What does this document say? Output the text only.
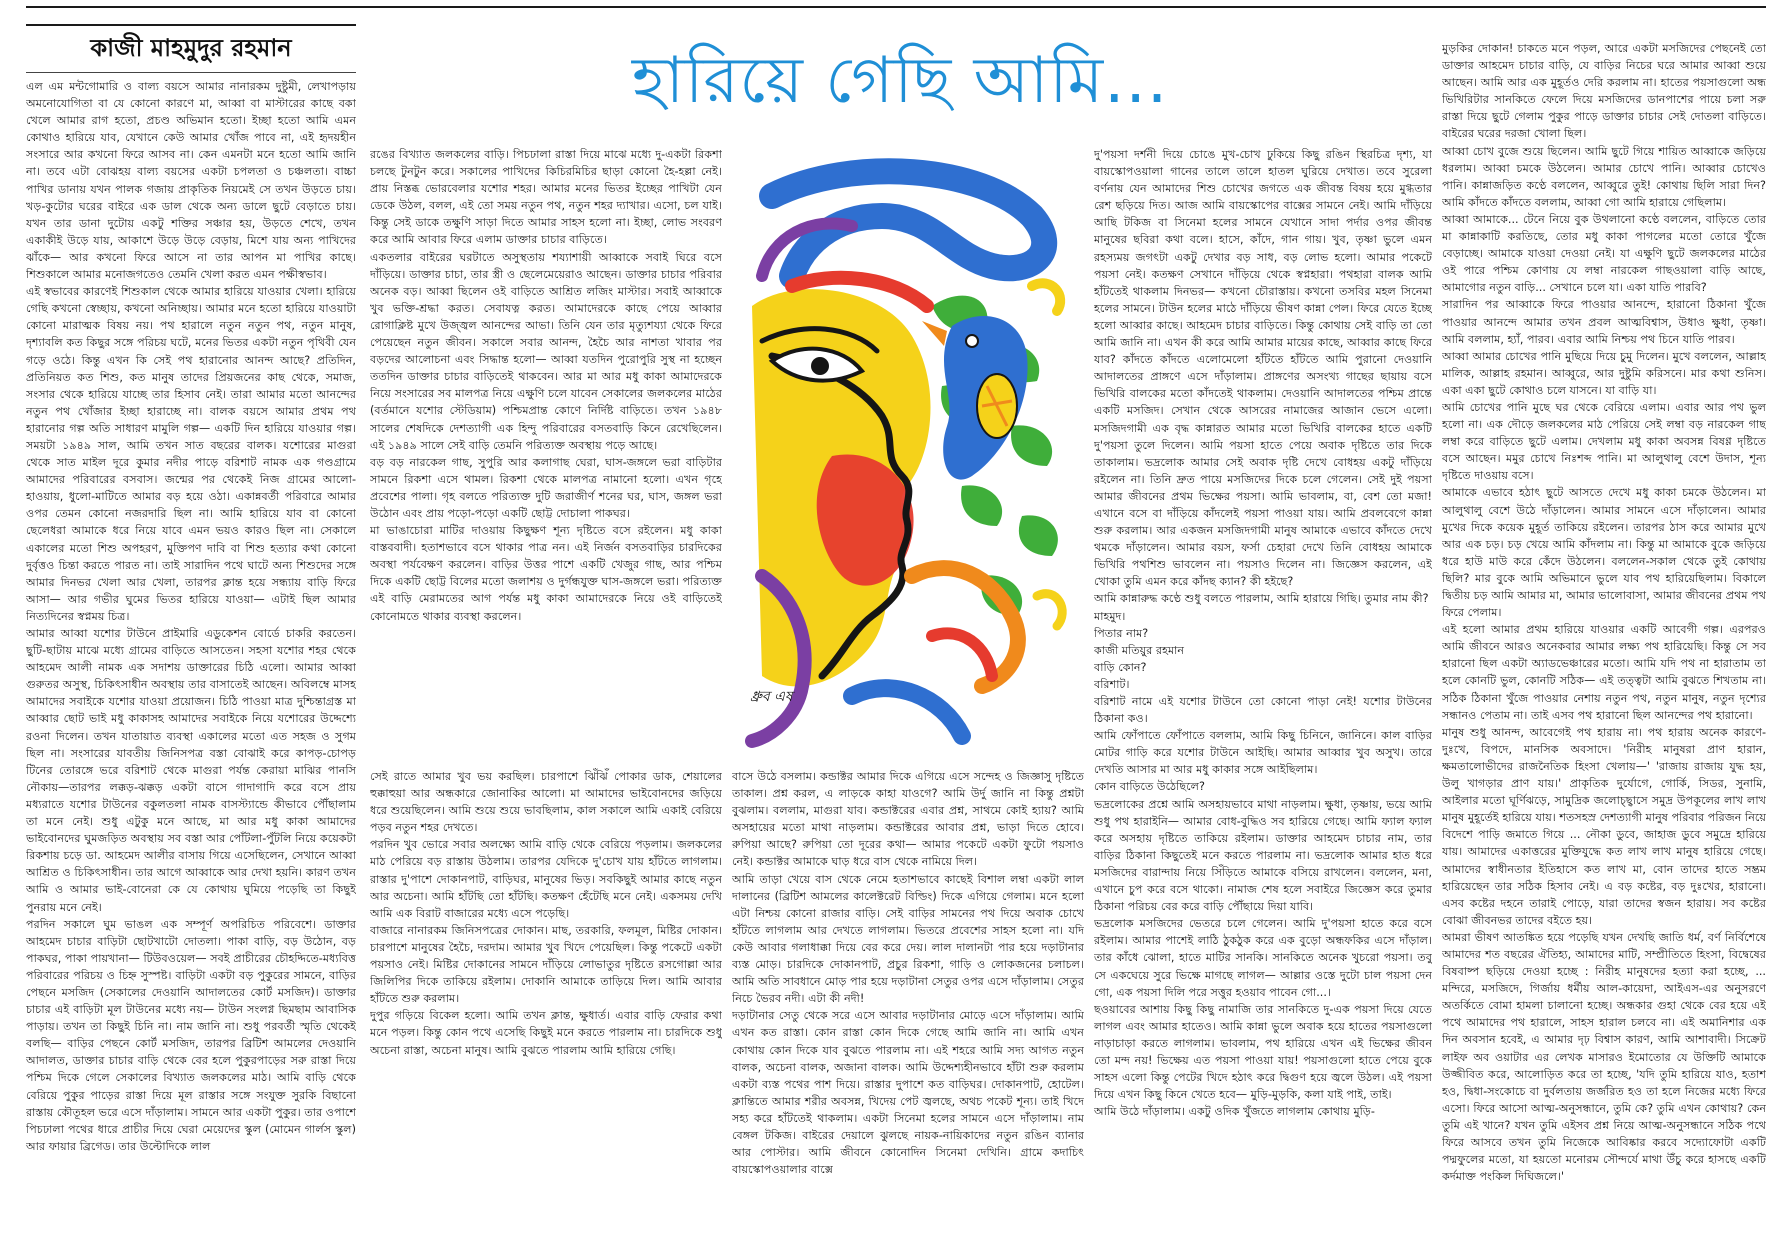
কাজী মাহমুদুর রহমান	হারিয়ে গেছি আমি...

এল এম মন্টগোমারি ও বাল্য বয়সে আমার নানারকম দুষ্টুমী, লেখাপড়ায় অমনোযোগিতা বা যে কোনো কারণে মা, আব্বা বা মাস্টারের কাছে বকা খেলে আমার রাগ হতো, প্রচণ্ড অভিমান হতো। ইচ্ছা হতো আমি এমন কোথাও হারিয়ে যাব, যেখানে কেউ আমার খোঁজ পাবে না, এই হৃদয়হীন সংসারে আর কখনো ফিরে আসব না। কেন এমনটা মনে হতো আমি জানি না। তবে এটা বোঝহয় বাল্য বয়সের একটা চপলতা ও চঞ্চলতা। বাচ্চা পাখির ডানায় যখন পালক গজায় প্রাকৃতিক নিয়মেই সে তখন উড়তে চায়। খড়-কুটোর ঘরের বাইরে এক ডাল থেকে অন্য ডালে ছুটে বেড়াতে চায়। যখন তার ডানা দুটোয় একটু শক্তির সঞ্চার হয়, উড়তে শেখে, তখন একাকীই উড়ে যায়, আকাশে উড়ে উড়ে বেড়ায়, মিশে যায় অন্য পাখিদের ঝাঁকে— আর কখনো ফিরে আসে না তার আপন মা পাখির কাছে। শিশুকালে আমার মনোজগতেও তেমনি খেলা করত এমন পক্ষীস্বভাব।

এই স্বভাবের কারণেই শিশুকাল থেকে আমার হারিয়ে যাওয়ার খেলা। হারিয়ে গেছি কখনো স্বেচ্ছায়, কখনো অনিচ্ছায়। আমার মনে হতো হারিয়ে যাওয়াটা কোনো মারাত্মক বিষয় নয়। পথ হারালে নতুন নতুন পথ, নতুন মানুষ, দৃশ্যাবলি কত কিছুর সঙ্গে পরিচয় ঘটে, মনের ভিতর একটা নতুন পৃথিবী যেন গড়ে ওঠে। কিন্তু এখন কি সেই পথ হারানোর আনন্দ আছে? প্রতিদিন, প্রতিনিয়ত কত শিশু, কত মানুষ তাদের প্রিয়জনের কাছ থেকে, সমাজ, সংসার থেকে হারিয়ে যাচ্ছে তার হিসাব নেই। তারা আমার মতো আনন্দের নতুন পথ খোঁজার ইচ্ছা হারাচ্ছে না। বালক বয়সে আমার প্রথম পথ হারানোর গল্প অতি সাধারণ মামুলি গল্প— একটি দিন হারিয়ে যাওয়ার গল্প। সময়টা ১৯৪৯ সাল, আমি তখন সাত বছরের বালক। যশোরের মাগুরা থেকে সাত মাইল দূরে কুমার নদীর পাড়ে বরিশাট নামক এক গণ্ডগ্রামে আমাদের পরিবারের বসবাস। জন্মের পর থেকেই নিজ গ্রামের আলো-হাওয়ায়, ধুলো-মাটিতে আমার বড় হয়ে ওঠা। একান্নবর্তী পরিবারে আমার ওপর তেমন কোনো নজরদারি ছিল না। আমি হারিয়ে যাব বা কোনো ছেলেধরা আমাকে ধরে নিয়ে যাবে এমন ভয়ও কারও ছিল না। সেকালে একালের মতো শিশু অপহরণ, মুক্তিপণ দাবি বা শিশু হত্যার কথা কোনো দুর্বৃত্তও চিন্তা করতে পারত না। তাই সারাদিন পথে ঘাটে অন্য শিশুদের সঙ্গে আমার দিনভর খেলা আর খেলা, তারপর ক্লান্ত হয়ে সন্ধ্যায় বাড়ি ফিরে আসা— আর গভীর ঘুমের ভিতর হারিয়ে যাওয়া— এটাই ছিল আমার নিত্যদিনের স্বপ্নময় চিত্র।

আমার আব্বা যশোর টাউনে প্রাইমারি এডুকেশন বোর্ডে চাকরি করতেন। ছুটি-ছাটায় মাঝে মধ্যে গ্রামের বাড়িতে আসতেন। সহসা যশোর শহর থেকে আহমেদ আলী নামক এক সদাশয় ডাক্তারের চিঠি এলো। আমার আব্বা গুরুতর অসুস্থ, চিকিৎসাধীন অবস্থায় তার বাসাতেই আছেন। অবিলম্বে মাসহ আমাদের সবাইকে যশোর যাওয়া প্রয়োজন। চিঠি পাওয়া মাত্র দুশ্চিন্তাগ্রস্ত মা আব্বার ছোট ভাই মধু কাকাসহ আমাদের সবাইকে নিয়ে যশোরের উদ্দেশ্যে রওনা দিলেন। তখন যাতায়াত ব্যবস্থা একালের মতো এত সহজ ও সুগম ছিল না। সংসারের যাবতীয় জিনিসপত্র বস্তা বোঝাই করে কাপড়-চোপড় টিনের তোরঙ্গে ভরে বরিশাট থেকে মাগুরা পর্যন্ত কেরায়া মাঝির পানসি নৌকায়—তারপর লক্কড়-ঝক্কড় একটা বাসে গাদাগাদি করে বসে প্রায় মধ্যরাতে যশোর টাউনের বকুলতলা নামক বাসস্ট্যান্ডে কীভাবে পৌঁছালাম তা মনে নেই। শুধু এটুকু মনে আছে, মা আর মধু কাকা আমাদের ভাইবোনদের ঘুমজড়িত অবস্থায় সব বস্তা আর পোঁটলা-পুঁটলি নিয়ে কয়েকটা রিকশায় চড়ে ডা. আহমেদ আলীর বাসায় গিয়ে এসেছিলেন, সেখানে আব্বা আশ্রিত ও চিকিৎসাধীন। তার আগে আব্বাকে আর দেখা হয়নি। কারণ তখন আমি ও আমার ভাই-বোনেরা কে যে কোথায় ঘুমিয়ে পড়েছি তা কিছুই পুনরায় মনে নেই।

পরদিন সকালে ঘুম ভাঙল এক সম্পূর্ণ অপরিচিত পরিবেশে। ডাক্তার আহমেদ চাচার বাড়িটা ছোটখাটো দোতলা। পাকা বাড়ি, বড় উঠোন, বড় পাকঘর, পাকা পায়খানা— টিউবওয়েল— সবই প্রাচীরের চৌহদ্দিতে-মধ্যবিত্ত পরিবারের পরিচয় ও চিহ্ন সুস্পষ্ট। বাড়িটা একটা বড় পুকুরের সামনে, বাড়ির পেছনে মসজিদ (সেকালের দেওয়ানি আদালতের কোর্ট মসজিদ)। ডাক্তার চাচার এই বাড়িটা মূল টাউনের মধ্যে নয়— টাউন সংলগ্ন ছিমছাম আবাসিক পাড়ায়। তখন তা কিছুই চিনি না। নাম জানি না। শুধু পরবর্তী স্মৃতি থেকেই বলছি— বাড়ির পেছনে কোর্ট মসজিদ, তারপর ব্রিটিশ আমলের দেওয়ানি আদালত, ডাক্তার চাচার বাড়ি থেকে বের হলে পুকুরপাড়ের সরু রাস্তা দিয়ে পশ্চিম দিকে গেলে সেকালের বিখ্যাত জলকলের মাঠ। আমি বাড়ি থেকে বেরিয়ে পুকুর পাড়ের রাস্তা দিয়ে মূল রাস্তার সঙ্গে সংযুক্ত সুরকি বিছানো রাস্তায় কৌতূহল ভরে এসে দাঁড়ালাম। সামনে আর একটা পুকুর। তার ওপাশে পিচঢালা পথের ধারে প্রাচীর দিয়ে ঘেরা মেয়েদের স্কুল (মোমেন গার্লস স্কুল) আর ফায়ার ব্রিগেড। তার উল্টোদিকে লাল

রঙের বিখ্যাত জলকলের বাড়ি। পিচঢালা রাস্তা দিয়ে মাঝে মধ্যে দু-একটা রিকশা চলছে টুনটুন করে। সকালের পাখিদের কিচিরমিচির ছাড়া কোনো হৈ-হল্লা নেই। প্রায় নিস্তব্ধ ভোরবেলার যশোর শহর। আমার মনের ভিতর ইচ্ছের পাখিটা যেন ডেকে উঠল, বলল, এই তো সময় নতুন পথ, নতুন শহর দ্যাখার। এসো, চল যাই। কিন্তু সেই ডাকে তক্ষুণি সাড়া দিতে আমার সাহস হলো না। ইচ্ছা, লোভ সংবরণ করে আমি আবার ফিরে এলাম ডাক্তার চাচার বাড়িতে।

একতলার বাইরের ঘরটাতে অসুস্থতায় শয্যাশায়ী আব্বাকে সবাই ঘিরে বসে দাঁড়িয়ে। ডাক্তার চাচা, তার স্ত্রী ও ছেলেমেয়েরাও আছেন। ডাক্তার চাচার পরিবার অনেক বড়। আব্বা ছিলেন ওই বাড়িতে আশ্রিত লজিং মাস্টার। সবাই আব্বাকে খুব ভক্তি-শ্রদ্ধা করত। সেবাযত্ন করত। আমাদেরকে কাছে পেয়ে আব্বার রোগাক্লিষ্ট মুখে উজ্জ্বল আনন্দের আভা। তিনি যেন তার মৃত্যুশয্যা থেকে ফিরে পেয়েছেন নতুন জীবন। সকালে সবার আনন্দ, হৈচৈ আর নাশতা খাবার পর বড়দের আলোচনা এবং সিদ্ধান্ত হলো— আব্বা যতদিন পুরোপুরি সুস্থ না হচ্ছেন ততদিন ডাক্তার চাচার বাড়িতেই থাকবেন। আর মা আর মধু কাকা আমাদেরকে নিয়ে সংসারের সব মালপত্র নিয়ে এক্ষুণি চলে যাবেন সেকালের জলকলের মাঠের (বর্তমানে যশোর স্টেডিয়াম) পশ্চিমপ্রান্ত কোণে নির্দিষ্ট বাড়িতে। তখন ১৯৪৮ সালের শেষদিকে দেশত্যাগী এক হিন্দু পরিবারের বসতবাড়ি কিনে রেখেছিলেন। এই ১৯৪৯ সালে সেই বাড়ি তেমনি পরিত্যক্ত অবস্থায় পড়ে আছে।

বড় বড় নারকেল গাছ, সুপুরি আর কলাগাছ ঘেরা, ঘাস-জঙ্গলে ভরা বাড়িটার সামনে রিকশা এসে থামল। রিকশা থেকে মালপত্র নামানো হলো। এখন গৃহে প্রবেশের পালা। গৃহ বলতে পরিত্যক্ত দুটি জরাজীর্ণ শনের ঘর, ঘাস, জঙ্গল ভরা উঠোন এবং প্রায় পড়ো-পড়ো একটি ছোট্ট দোচালা পাকঘর।

মা ভাঙাচোরা মাটির দাওয়ায় কিছুক্ষণ শূন্য দৃষ্টিতে বসে রইলেন। মধু কাকা বাস্তববাদী। হতাশভাবে বসে থাকার পাত্র নন। এই নির্জন বসতবাড়ির চারদিকের অবস্থা পর্যবেক্ষণ করলেন। বাড়ির উত্তর পাশে একটি খেজুর গাছ, আর পশ্চিম দিকে একটি ছোট্ট বিলের মতো জলাশয় ও দুর্গন্ধযুক্ত ঘাস-জঙ্গলে ভরা। পরিত্যক্ত এই বাড়ি মেরামতের আগ পর্যন্ত মধু কাকা আমাদেরকে নিয়ে ওই বাড়িতেই কোনোমতে থাকার ব্যবস্থা করলেন।

সেই রাতে আমার খুব ভয় করছিল। চারপাশে ঝিঁঝিঁ পোকার ডাক, শেয়ালের হুক্কাহুয়া আর অন্ধকারে জোনাকির আলো। মা আমাদের ভাইবোনদের জড়িয়ে ধরে শুয়েছিলেন। আমি শুয়ে শুয়ে ভাবছিলাম, কাল সকালে আমি একাই বেরিয়ে পড়ব নতুন শহর দেখতে।

পরদিন খুব ভোরে সবার অলক্ষ্যে আমি বাড়ি থেকে বেরিয়ে পড়লাম। জলকলের মাঠ পেরিয়ে বড় রাস্তায় উঠলাম। তারপর যেদিকে দু'চোখ যায় হাঁটতে লাগলাম। রাস্তার দু'পাশে দোকানপাট, বাড়িঘর, মানুষের ভিড়। সবকিছুই আমার কাছে নতুন আর অচেনা। আমি হাঁটছি তো হাঁটছি। কতক্ষণ হেঁটেছি মনে নেই। একসময় দেখি আমি এক বিরাট বাজারের মধ্যে এসে পড়েছি।

বাজারে নানারকম জিনিসপত্রের দোকান। মাছ, তরকারি, ফলমূল, মিষ্টির দোকান। চারপাশে মানুষের হৈচৈ, দরদাম। আমার খুব খিদে পেয়েছিল। কিন্তু পকেটে একটা পয়সাও নেই। মিষ্টির দোকানের সামনে দাঁড়িয়ে লোভাতুর দৃষ্টিতে রসগোল্লা আর জিলিপির দিকে তাকিয়ে রইলাম। দোকানি আমাকে তাড়িয়ে দিল। আমি আবার হাঁটতে শুরু করলাম।

দুপুর গড়িয়ে বিকেল হলো। আমি তখন ক্লান্ত, ক্ষুধার্ত। এবার বাড়ি ফেরার কথা মনে পড়ল। কিন্তু কোন পথে এসেছি কিছুই মনে করতে পারলাম না। চারদিকে শুধু অচেনা রাস্তা, অচেনা মানুষ। আমি বুঝতে পারলাম আমি হারিয়ে গেছি।

বাসে উঠে বসলাম। কন্ডাক্টর আমার দিকে এগিয়ে এসে সন্দেহ ও জিজ্ঞাসু দৃষ্টিতে তাকাল। প্রশ্ন করল, এ লাড়কে কাহা যাওগে? আমি উর্দু জানি না কিন্তু প্রশ্নটা বুঝলাম। বললাম, মাগুরা যাব। কন্ডাক্টরের এবার প্রশ্ন, সাথমে কোই হ্যায়? আমি অসহায়ের মতো মাথা নাড়লাম। কন্ডাক্টরের আবার প্রশ্ন, ভাড়া দিতে হোবে। রুপিয়া আছে? রুপিয়া তো দূরের কথা— আমার পকেটে একটা ফুটো পয়সাও নেই। কন্ডাক্টর আমাকে ঘাড় ধরে বাস থেকে নামিয়ে দিল।

আমি তাড়া খেয়ে বাস থেকে নেমে হতাশভাবে কাছেই বিশাল লম্বা একটা লাল দালানের (ব্রিটিশ আমলের কালেক্টরেট বিল্ডিং) দিকে এগিয়ে গেলাম। মনে হলো এটা নিশ্চয় কোনো রাজার বাড়ি। সেই বাড়ির সামনের পথ দিয়ে অবাক চোখে হাঁটতে লাগলাম আর দেখতে লাগলাম। ভিতরে প্রবেশের সাহস হলো না। যদি কেউ আবার গলাধাক্কা দিয়ে বের করে দেয়। লাল দালানটা পার হয়ে দড়াটানার ব্যস্ত মোড়। চারদিকে দোকানপাট, প্রচুর রিকশা, গাড়ি ও লোকজনের চলাচল। আমি অতি সাবধানে মোড় পার হয়ে দড়াটানা সেতুর ওপর এসে দাঁড়ালাম। সেতুর নিচে ভৈরব নদী। এটা কী নদী!

দড়াটানার সেতু থেকে সরে এসে আবার দড়াটানার মোড়ে এসে দাঁড়ালাম। আমি এখন কত রাস্তা। কোন রাস্তা কোন দিকে গেছে আমি জানি না। আমি এখন কোথায় কোন দিকে যাব বুঝতে পারলাম না। এই শহরে আমি সদ্য আগত নতুন বালক, অচেনা বালক, অজানা বালক। আমি উদ্দেশ্যহীনভাবে হাঁটা শুরু করলাম একটা ব্যস্ত পথের পাশ দিয়ে। রাস্তার দুপাশে কত বাড়িঘর। দোকানপাট, হোটেল। ক্লান্তিতে আমার শরীর অবসন্ন, খিদেয় পেট জ্বলছে, অথচ পকেট শূন্য। তাই খিদে সহ্য করে হাঁটতেই থাকলাম। একটা সিনেমা হলের সামনে এসে দাঁড়ালাম। নাম বেঙ্গল টকিজ। বাইরের দেয়ালে ঝুলছে নায়ক-নায়িকাদের নতুন রঙিন ব্যানার আর পোস্টার। আমি জীবনে কোনোদিন সিনেমা দেখিনি। গ্রামে কদাচিৎ বায়স্কোপওয়ালার বাক্সে

দু'পয়সা দর্শনী দিয়ে চোঙে মুখ-চোখ ঢুকিয়ে কিছু রঙিন স্থিরচিত্র দৃশ্য, যা বায়স্কোপওয়ালা গানের তালে তালে হাতল ঘুরিয়ে দেখাত। তবে সুরেলা বর্ণনায় যেন আমাদের শিশু চোখের জগতে এক জীবন্ত বিষয় হয়ে মুগ্ধতার রেশ ছড়িয়ে দিত। আজ আমি বায়স্কোপের বাক্সের সামনে নেই। আমি দাঁড়িয়ে আছি টকিজ বা সিনেমা হলের সামনে যেখানে সাদা পর্দার ওপর জীবন্ত মানুষের ছবিরা কথা বলে। হাসে, কাঁদে, গান গায়। খুব, তৃষ্ণা ভুলে এমন রহস্যময় জগৎটা একটু দেখার বড় সাধ, বড় লোভ হলো। আমার পকেটে পয়সা নেই। কতক্ষণ সেখানে দাঁড়িয়ে থেকে স্বপ্নহারা। পথহারা বালক আমি হাঁটতেই থাকলাম দিনভর— কখনো চৌরাস্তায়। কখনো তসবির মহল সিনেমা হলের সামনে। টাউন হলের মাঠে দাঁড়িয়ে ভীষণ কান্না পেল। ফিরে যেতে ইচ্ছে হলো আব্বার কাছে। আহমেদ চাচার বাড়িতে। কিন্তু কোথায় সেই বাড়ি তা তো আমি জানি না। এখন কী করে আমি আমার মায়ের কাছে, আব্বার কাছে ফিরে যাব? কাঁদতে কাঁদতে এলোমেলো হাঁটতে হাঁটতে আমি পুরানো দেওয়ানি আদালতের প্রাঙ্গণে এসে দাঁড়ালাম। প্রাঙ্গণের অসংখ্য গাছের ছায়ায় বসে ভিখিরি বালকের মতো কাঁদতেই থাকলাম। দেওয়ানি আদালতের পশ্চিম প্রান্তে একটি মসজিদ। সেখান থেকে আসরের নামাজের আজান ভেসে এলো। মসজিদগামী এক বৃদ্ধ কান্নারত আমার মতো ভিখিরি বালকের হাতে একটি দু'পয়সা তুলে দিলেন। আমি পয়সা হাতে পেয়ে অবাক দৃষ্টিতে তার দিকে তাকালাম। ভদ্রলোক আমার সেই অবাক দৃষ্টি দেখে বোধহয় একটু দাঁড়িয়ে রইলেন না। তিনি দ্রুত পায়ে মসজিদের দিকে চলে গেলেন। সেই দুই পয়সা আমার জীবনের প্রথম ভিক্ষের পয়সা। আমি ভাবলাম, বা, বেশ তো মজা! এখানে বসে বা দাঁড়িয়ে কাঁদলেই পয়সা পাওয়া যায়। আমি প্রবলবেগে কান্না শুরু করলাম। আর একজন মসজিদগামী মানুষ আমাকে এভাবে কাঁদতে দেখে থমকে দাঁড়ালেন। আমার বয়স, ফর্সা চেহারা দেখে তিনি বোধহয় আমাকে ভিখিরি পথশিশু ভাবলেন না। পয়সাও দিলেন না। জিজ্ঞেস করলেন, এই খোকা তুমি এমন করে কাঁদছ ক্যান? কী হইছে?

আমি কান্নারুদ্ধ কণ্ঠে শুধু বলতে পারলাম, আমি হারায়ে গিছি। তুমার নাম কী?

মাহমুদ।

পিতার নাম?

কাজী মতিয়ুর রহমান

বাড়ি কোন?

বরিশাট।

বরিশাট নামে এই যশোর টাউনে তো কোনো পাড়া নেই! যশোর টাউনের ঠিকানা কও।

আমি ফোঁপাতে ফোঁপাতে বললাম, আমি কিছু চিনিনে, জানিনে। কাল বাড়ির মোটর গাড়ি করে যশোর টাউনে আইছি। আমার আব্বার খুব অসুখ। তারে দেখতি আসার মা আর মধু কাকার সঙ্গে আইছিলাম।

কোন বাড়িতে উঠেছিলে?

ভদ্রলোকের প্রশ্নে আমি অসহায়ভাবে মাথা নাড়লাম। ক্ষুধা, তৃষ্ণায়, ভয়ে আমি শুধু পথ হারাইনি— আমার বোধ-বুদ্ধিও সব হারিয়ে গেছে। আমি ফ্যাল ফ্যাল করে অসহায় দৃষ্টিতে তাকিয়ে রইলাম। ডাক্তার আহমেদ চাচার নাম, তার বাড়ির ঠিকানা কিছুতেই মনে করতে পারলাম না। ভদ্রলোক আমার হাত ধরে মসজিদের বারান্দায় নিয়ে সিঁড়িতে আমাকে বসিয়ে রাখলেন। বললেন, মনা, এখানে চুপ করে বসে থাকো। নামাজ শেষ হলে সবাইরে জিজ্ঞেস করে তুমার ঠিকানা পরিচয় বের করে বাড়ি পৌঁছায়ে দিয়া যাবি।

ভদ্রলোক মসজিদের ভেতরে চলে গেলেন। আমি দু'পয়সা হাতে করে বসে রইলাম। আমার পাশেই লাঠি ঠুকঠুক করে এক বুড়ো অন্ধফকির এসে দাঁড়াল। তার কাঁধে ঝোলা, হাতে মাটির সানকি। সানকিতে অনেক খুচরো পয়সা। তবু সে একঘেয়ে সুরে ভিক্ষে মাগছে লাগল— আল্লার ওস্তে দুটো চাল পয়সা দেন গো, এক পয়সা দিলি পরে সত্তুর হওয়াব পাবেন গো...।

ছওয়াবের আশায় কিছু কিছু নামাজি তার সানকিতে দু-এক পয়সা দিয়ে যেতে লাগল এবং আমার হাতেও। আমি কান্না ভুলে অবাক হয়ে হাতের পয়সাগুলো নাড়াচাড়া করতে লাগলাম। ভাবলাম, পথ হারিয়ে এখন এই ভিক্ষের জীবন তো মন্দ নয়! ভিক্ষেয় এত পয়সা পাওয়া যায়! পয়সাগুলো হাতে পেয়ে বুকে সাহস এলো কিন্তু পেটের খিদে হঠাৎ করে দ্বিগুণ হয়ে জ্বলে উঠল। এই পয়সা দিয়ে এখন কিছু কিনে খেতে হবে— মুড়ি-মুড়কি, কলা যাই পাই, তাই।

আমি উঠে দাঁড়ালাম। একটু ওদিক খুঁজতে লাগলাম কোথায় মুড়ি-

মুড়কির দোকান! চাকতে মনে পড়ল, আরে একটা মসজিদের পেছনেই তো ডাক্তার আহমেদ চাচার বাড়ি, যে বাড়ির নিচের ঘরে আমার আব্বা শুয়ে আছেন। আমি আর এক মুহূর্তও দেরি করলাম না। হাতের পয়সাগুলো অন্ধ ভিখিরিটার সানকিতে ফেলে দিয়ে মসজিদের ডানপাশের পায়ে চলা সরু রাস্তা দিয়ে ছুটে গেলাম পুকুর পাড়ে ডাক্তার চাচার সেই দোতলা বাড়িতে। বাইরের ঘরের দরজা খোলা ছিল।

আব্বা চোখ বুজে শুয়ে ছিলেন। আমি ছুটে গিয়ে শায়িত আব্বাকে জড়িয়ে ধরলাম। আব্বা চমকে উঠলেন। আমার চোখে পানি। আব্বার চোখেও পানি। কান্নাজড়িত কণ্ঠে বললেন, আব্বুরে তুই! কোথায় ছিলি সারা দিন? আমি কাঁদতে কাঁদতে বললাম, আব্বা গো আমি হারায়ে গেছিলাম।

আব্বা আমাকে... টেনে নিয়ে বুক উথলানো কণ্ঠে বললেন, বাড়িতে তোর মা কান্নাকাটি করতিছে, তোর মধু কাকা পাগলের মতো তোরে খুঁজে বেড়াচ্ছে। আমাকে যাওয়া দেওয়া নেই। যা এক্ষুণি ছুটে জলকলের মাঠের ওই পারে পশ্চিম কোণায় যে লম্বা নারকেল গাছওয়ালা বাড়ি আছে, আমাগোর নতুন বাড়ি... সেখানে চলে যা। একা যাতি পারবি?

সারাদিন পর আব্বাকে ফিরে পাওয়ার আনন্দে, হারানো ঠিকানা খুঁজে পাওয়ার আনন্দে আমার তখন প্রবল আত্মবিশ্বাস, উধাও ক্ষুধা, তৃষ্ণা। আমি বললাম, হ্যাঁ, পারব। এবার আমি নিশ্চয় পথ চিনে যাতি পারব।

আব্বা আমার চোখের পানি মুছিয়ে দিয়ে চুমু দিলেন। মুখে বললেন, আল্লাহ মালিক, আল্লাহ রহমান। আব্বুরে, আর দুষ্টুমি করিসনে। মার কথা শুনিস। একা একা ছুটে কোথাও চলে যাসনে। যা বাড়ি যা।

আমি চোখের পানি মুছে ঘর থেকে বেরিয়ে এলাম। এবার আর পথ ভুল হলো না। এক দৌড়ে জলকলের মাঠ পেরিয়ে সেই লম্বা বড় নারকেল গাছ লম্বা করে বাড়িতে ছুটে এলাম। দেখলাম মধু কাকা অবসন্ন বিষণ্ণ দৃষ্টিতে বসে আছেন। মমুর চোখে নিঃশব্দ পানি। মা আলুথালু বেশে উদাস, শূন্য দৃষ্টিতে দাওয়ায় বসে।

আমাকে এভাবে হঠাৎ ছুটে আসতে দেখে মধু কাকা চমকে উঠলেন। মা আলুথালু বেশে উঠে দাঁড়ালেন। আমার সামনে এসে দাঁড়ালেন। আমার মুখের দিকে কয়েক মুহূর্ত তাকিয়ে রইলেন। তারপর ঠাস করে আমার মুখে আর এক চড়। চড় খেয়ে আমি কাঁদলাম না। কিন্তু মা আমাকে বুকে জড়িয়ে ধরে হাউ মাউ করে কেঁদে উঠলেন। বললেন-সকাল থেকে তুই কোথায় ছিলি? মার বুকে আমি অভিমানে ভুলে যাব পথ হারিয়েছিলাম। বিকালে দ্বিতীয় চড় আমি আমার মা, আমার ভালোবাসা, আমার জীবনের প্রথম পথ ফিরে পেলাম।

এই হলো আমার প্রথম হারিয়ে যাওয়ার একটি আবেগী গল্প। এরপরও আমি জীবনে আরও অনেকবার আমার লক্ষ্য পথ হারিয়েছি। কিন্তু সে সব হারানো ছিল একটা অ্যাডভেঞ্চারের মতো। আমি যদি পথ না হারাতাম তা হলে কোনটি ভুল, কোনটি সঠিক— এই তত্ত্বটা আমি বুঝতে শিখতাম না। সঠিক ঠিকানা খুঁজে পাওয়ার নেশায় নতুন পথ, নতুন মানুষ, নতুন দৃশ্যের সন্ধানও পেতাম না। তাই এসব পথ হারানো ছিল আনন্দের পথ হারানো।

মানুষ শুধু আনন্দ, আবেগেই পথ হারায় না। পথ হারায় অনেক কারণে-দুঃখে, বিপদে, মানসিক অবসাদে। 'নিরীহ মানুষরা প্রাণ হারান, ক্ষমতালোভীদের রাজনৈতিক হিংসা খেলায়—' 'রাজায় রাজায় যুদ্ধ হয়, উলু খাগড়ার প্রাণ যায়।' প্রাকৃতিক দুর্যোগে, গোর্কি, সিডর, সুনামি, আইলার মতো ঘূর্ণিঝড়ে, সামুদ্রিক জলোচ্ছ্বাসে সমুদ্র উপকূলের লাখ লাখ মানুষ মুহূর্তেই হারিয়ে যায়। শতসহস্র দেশত্যাগী মানুষ পরিবার পরিজন নিয়ে বিদেশে পাড়ি জমাতে গিয়ে ... নৌকা ডুবে, জাহাজ ডুবে সমুদ্রে হারিয়ে যায়। আমাদের একাত্তরের মুক্তিযুদ্ধে কত লাখ লাখ মানুষ হারিয়ে গেছে। আমাদের স্বাধীনতার ইতিহাসে কত লাখ মা, বোন তাদের হাতে সম্ভ্রম হারিয়েছেন তার সঠিক হিসাব নেই। এ বড় কষ্টের, বড় দুঃখের, হারানো। এসব কষ্টের দহনে তারাই পোড়ে, যারা তাদের স্বজন হারায়। সব কষ্টের বোঝা জীবনভর তাদের বইতে হয়।

আমরা ভীষণ আতঙ্কিত হয়ে পড়েছি যখন দেখছি জাতি ধর্ম, বর্ণ নির্বিশেষে আমাদের শত বছরের ঐতিহ্য, আমাদের মাটি, সম্প্রীতিতে হিংসা, বিদ্বেষের বিষবাষ্প ছড়িয়ে দেওয়া হচ্ছে : নিরীহ মানুষদের হত্যা করা হচ্ছে, ... মন্দিরে, মসজিদে, গির্জায় ধর্মীয় আল-কায়েদা, আইএস-এর অনুসরণে অতর্কিতে বোমা হামলা চালানো হচ্ছে। অন্ধকার গুহা থেকে বের হয়ে এই পথে আমাদের পথ হারালে, সাহস হারাল চলবে না। এই অমানিশার এক দিন অবসান হবেই, এ আমার দৃঢ় বিশ্বাস কারণ, আমি আশাবাদী। সিক্রেট লাইফ অব ওয়াটার এর লেখক মাসারও ইমোতোর যে উক্তিটি আমাকে উজ্জীবিত করে, আলোড়িত করে তা হচ্ছে, 'যদি তুমি হারিয়ে যাও, হতাশ হও, দ্বিধা-সংকোচে বা দুর্বলতায় জর্জরিত হও তা হলে নিজের মধ্যে ফিরে এসো। ফিরে আসো আত্ম-অনুসন্ধানে, তুমি কে? তুমি এখন কোথায়? কেন তুমি এই খানে? যখন তুমি এইসব প্রশ্ন নিয়ে আত্ম-অনুসন্ধানে সঠিক পথে ফিরে আসবে তখন তুমি নিজেকে আবিষ্কার করবে সদ্যোফোটা একটি পদ্মফুলের মতো, যা হয়তো মনোরম সৌন্দর্যে মাথা উঁচু করে হাসছে একটি কর্দমাক্ত পংকিল দিঘিজলে।'

ধ্রুব এষ
